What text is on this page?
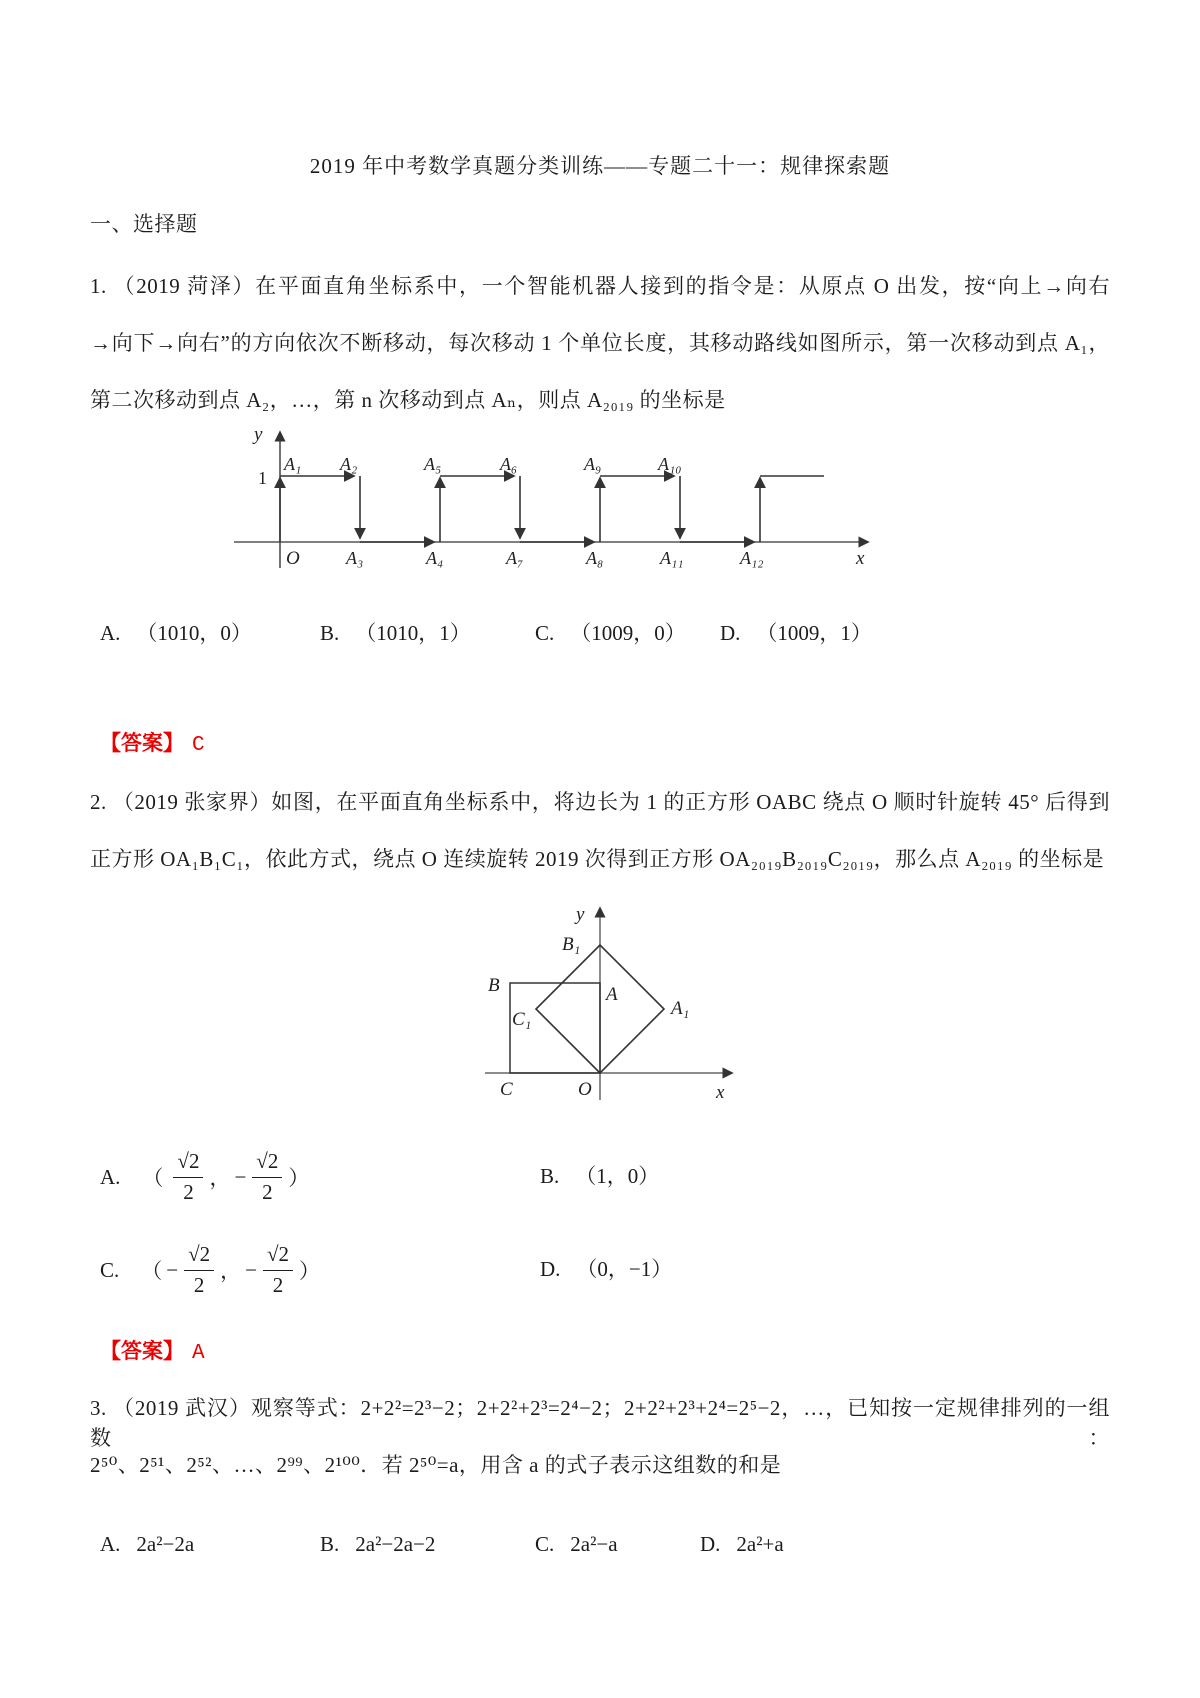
2019 年中考数学真题分类训练——专题二十一：规律探索题
一、选择题
1. （2019 菏泽）在平面直角坐标系中，一个智能机器人接到的指令是：从原点 O 出发，按“向上→向右
→向下→向右”的方向依次不断移动，每次移动 1 个单位长度，其移动路线如图所示，第一次移动到点 A₁，
第二次移动到点 A₂，…，第 n 次移动到点 Aₙ，则点 A₂₀₁₉ 的坐标是
y
1
A₁ A₂	A₅	A₆	A₉	A₁₀
O	A₃	A₄	A₇	A₈	A₁₁	A₁₂	x
A. （1010，0）	B. （1010，1）	C. （1009，0） D. （1009，1）
【答案】 C
2. （2019 张家界）如图，在平面直角坐标系中，将边长为 1 的正方形 OABC 绕点 O 顺时针旋转 45° 后得到
正方形 OA₁B₁C₁，依此方式，绕点 O 连续旋转 2019 次得到正方形 OA₂₀₁₉B₂₀₁₉C₂₀₁₉，那么点 A₂₀₁₉ 的坐标是
y
B₁
B	A
C₁
A₁
C	O	x
A. （ $\frac{√2}{2}$ ， − $\frac{√2}{2}$ ）	B. （1，0）
C. （ − $\frac{√2}{2}$ ， − $\frac{√2}{2}$ ）	D. （0，−1）
【答案】 A
3. （2019 武汉）观察等式：2+2²=2³−2；2+2²+2³=2⁴−2；2+2²+2³+2⁴=2⁵−2，…，已知按一定规律排列的一组数：
2⁵⁰、2⁵¹、2⁵²、…、2⁹⁹、2¹⁰⁰．若 2⁵⁰=a，用含 a 的式子表示这组数的和是
A. 2a²−2a	B. 2a²−2a−2	C. 2a²−a	D. 2a²+a
